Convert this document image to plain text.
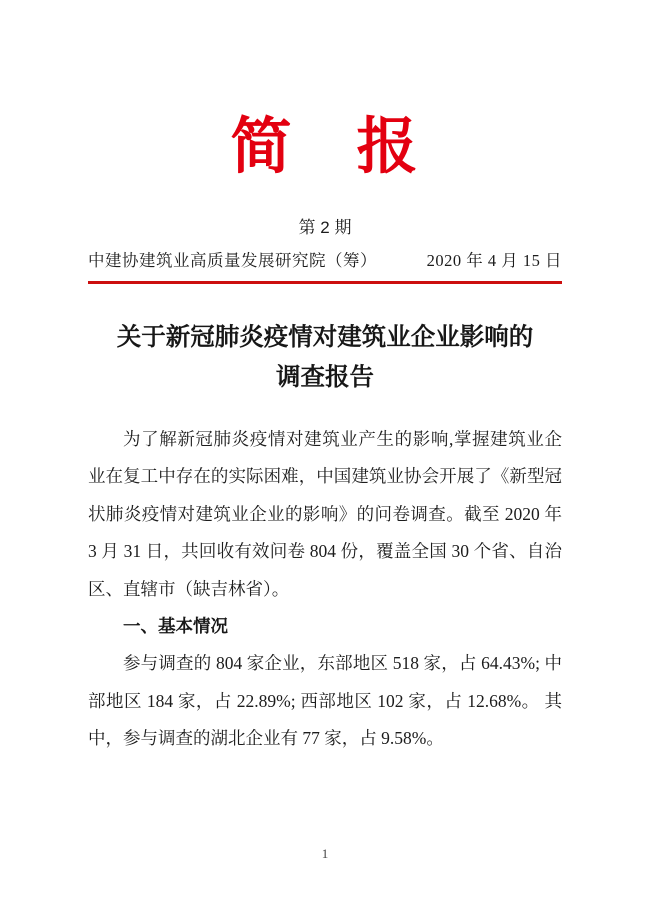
简　报
第 2 期
中建协建筑业高质量发展研究院（筹）	2020 年 4 月 15 日
关于新冠肺炎疫情对建筑业企业影响的
调查报告

为了解新冠肺炎疫情对建筑业产生的影响,掌握建筑业企业在复工中存在的实际困难，中国建筑业协会开展了《新型冠状肺炎疫情对建筑业企业的影响》的问卷调查。截至 2020 年 3 月 31 日，共回收有效问卷 804 份，覆盖全国 30 个省、自治区、直辖市（缺吉林省）。

一、基本情况

参与调查的 804 家企业，东部地区 518 家，占 64.43%; 中部地区 184 家，占 22.89%; 西部地区 102 家，占 12.68%。 其中，参与调查的湖北企业有 77 家，占 9.58%。

1
